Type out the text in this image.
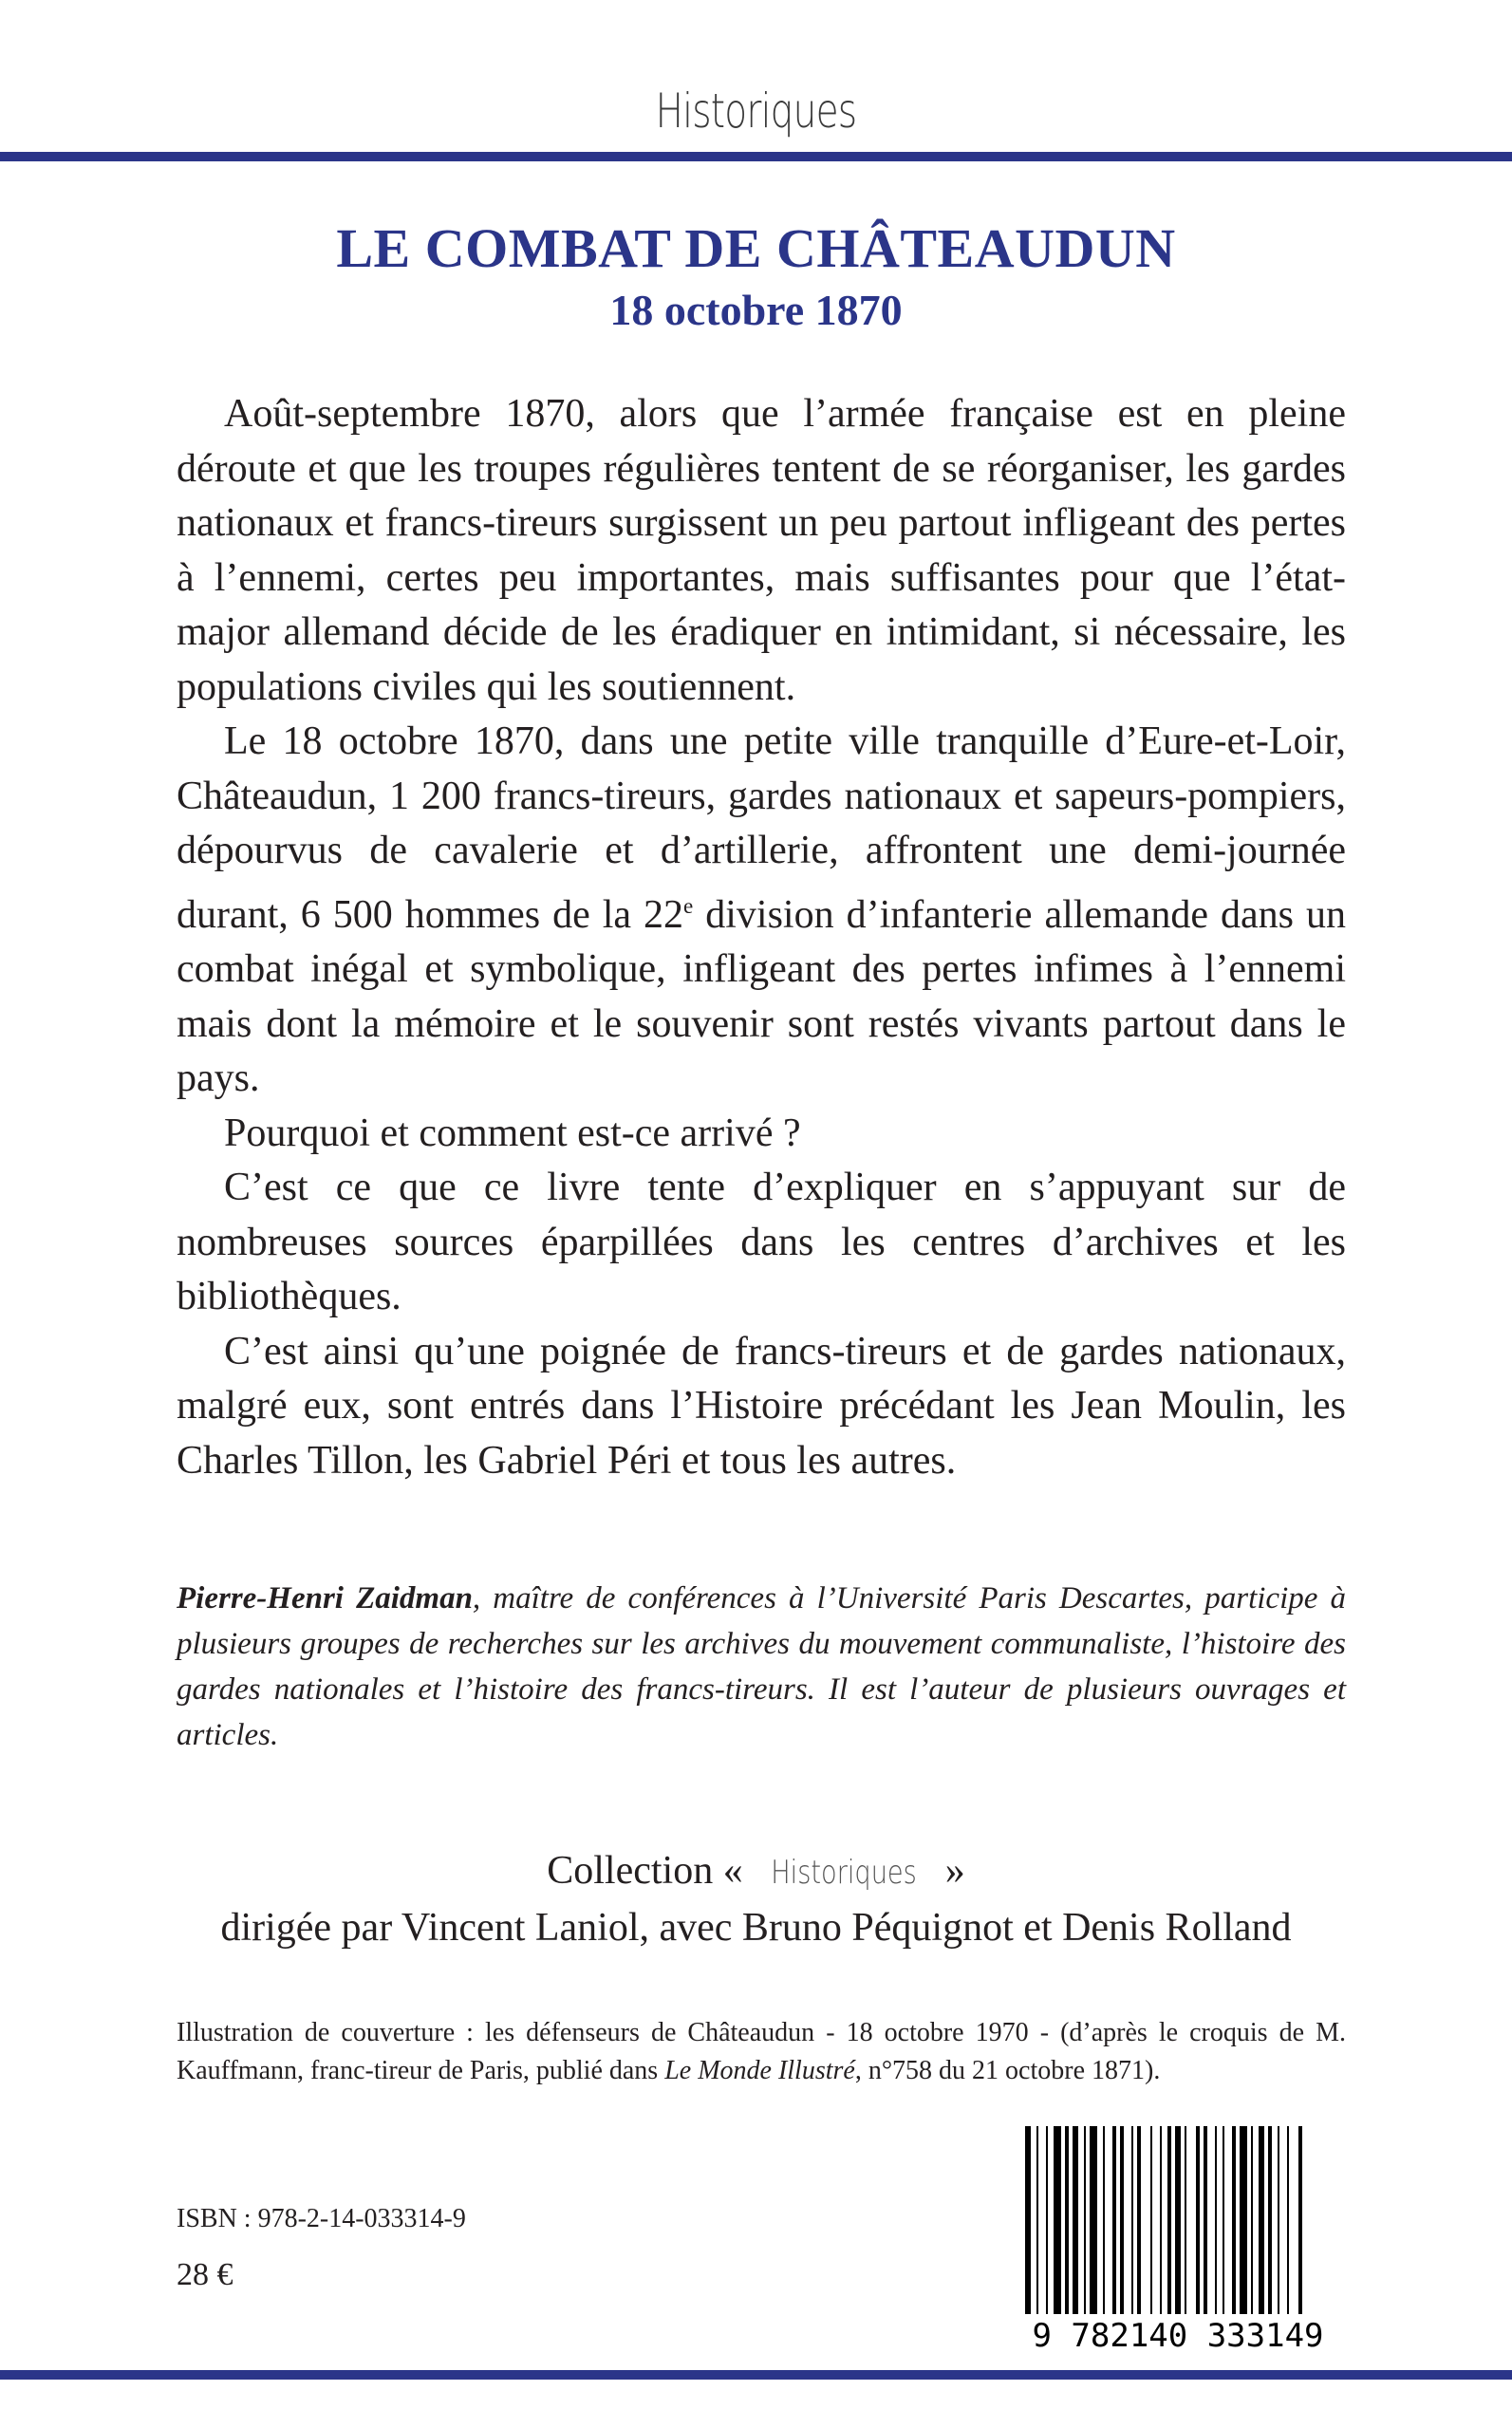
Historiques
LE COMBAT DE CHÂTEAUDUN
18 octobre 1870

Août-septembre 1870, alors que l’armée française est en pleine déroute et que les troupes régulières tentent de se réorganiser, les gardes nationaux et francs-tireurs surgissent un peu partout infligeant des pertes à l’ennemi, certes peu importantes, mais suffisantes pour que l’état-major allemand décide de les éradiquer en intimidant, si nécessaire, les populations civiles qui les soutiennent.

Le 18 octobre 1870, dans une petite ville tranquille d’Eure-et-Loir, Châteaudun, 1 200 francs-tireurs, gardes nationaux et sapeurs-pompiers, dépourvus de cavalerie et d’artillerie, affrontent une demi-journée durant, 6 500 hommes de la 22e division d’infanterie allemande dans un combat inégal et symbolique, infligeant des pertes infimes à l’ennemi mais dont la mémoire et le souvenir sont restés vivants partout dans le pays.

Pourquoi et comment est-ce arrivé ?

C’est ce que ce livre tente d’expliquer en s’appuyant sur de nombreuses sources éparpillées dans les centres d’archives et les bibliothèques.

C’est ainsi qu’une poignée de francs-tireurs et de gardes nationaux, malgré eux, sont entrés dans l’Histoire précédant les Jean Moulin, les Charles Tillon, les Gabriel Péri et tous les autres.

Pierre-Henri Zaidman, maître de conférences à l’Université Paris Descartes, participe à plusieurs groupes de recherches sur les archives du mouvement communaliste, l’histoire des gardes nationales et l’histoire des francs-tireurs. Il est l’auteur de plusieurs ouvrages et articles.
Collection « Historiques »
dirigée par Vincent Laniol, avec Bruno Péquignot et Denis Rolland
Illustration de couverture : les défenseurs de Châteaudun - 18 octobre 1970 - (d’après le croquis de M. Kauffmann, franc-tireur de Paris, publié dans Le Monde Illustré, n°758 du 21 octobre 1871).
ISBN : 978-2-14-033314-9
28 €
9 782140 333149
